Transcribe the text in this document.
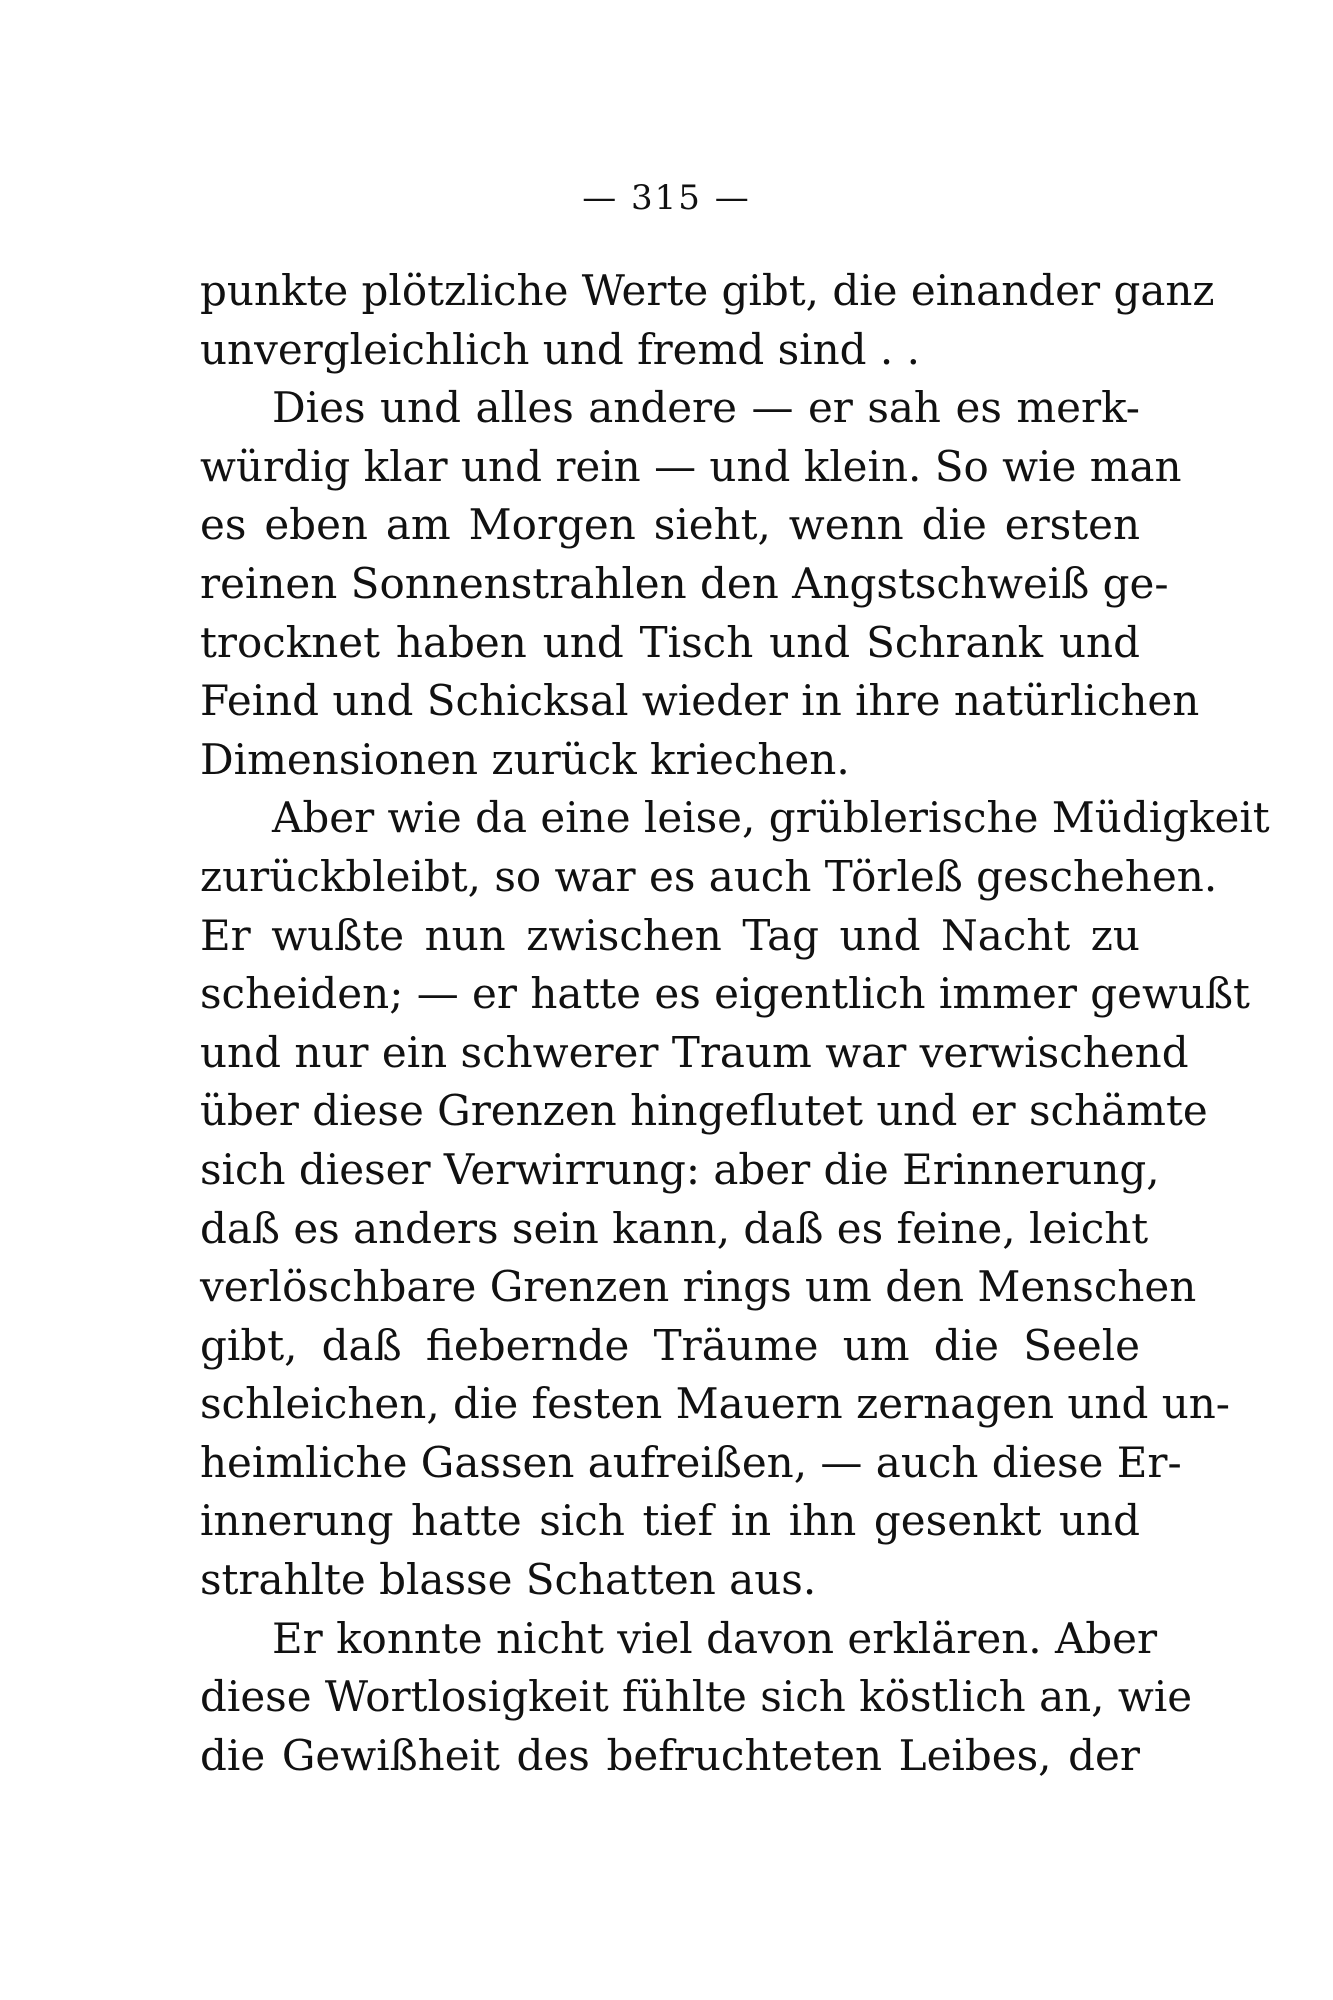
— 315 —
punkte plötzliche Werte gibt, die einander ganz
unvergleichlich und fremd sind . .
Dies und alles andere — er sah es merk-
würdig klar und rein — und klein. So wie man
es eben am Morgen sieht, wenn die ersten
reinen Sonnenstrahlen den Angstschweiß ge-
trocknet haben und Tisch und Schrank und
Feind und Schicksal wieder in ihre natürlichen
Dimensionen zurück kriechen.
Aber wie da eine leise, grüblerische Müdigkeit
zurückbleibt, so war es auch Törleß geschehen.
Er wußte nun zwischen Tag und Nacht zu
scheiden; — er hatte es eigentlich immer gewußt
und nur ein schwerer Traum war verwischend
über diese Grenzen hingeflutet und er schämte
sich dieser Verwirrung: aber die Erinnerung,
daß es anders sein kann, daß es feine, leicht
verlöschbare Grenzen rings um den Menschen
gibt, daß fiebernde Träume um die Seele
schleichen, die festen Mauern zernagen und un-
heimliche Gassen aufreißen, — auch diese Er-
innerung hatte sich tief in ihn gesenkt und
strahlte blasse Schatten aus.
Er konnte nicht viel davon erklären. Aber
diese Wortlosigkeit fühlte sich köstlich an, wie
die Gewißheit des befruchteten Leibes, der
